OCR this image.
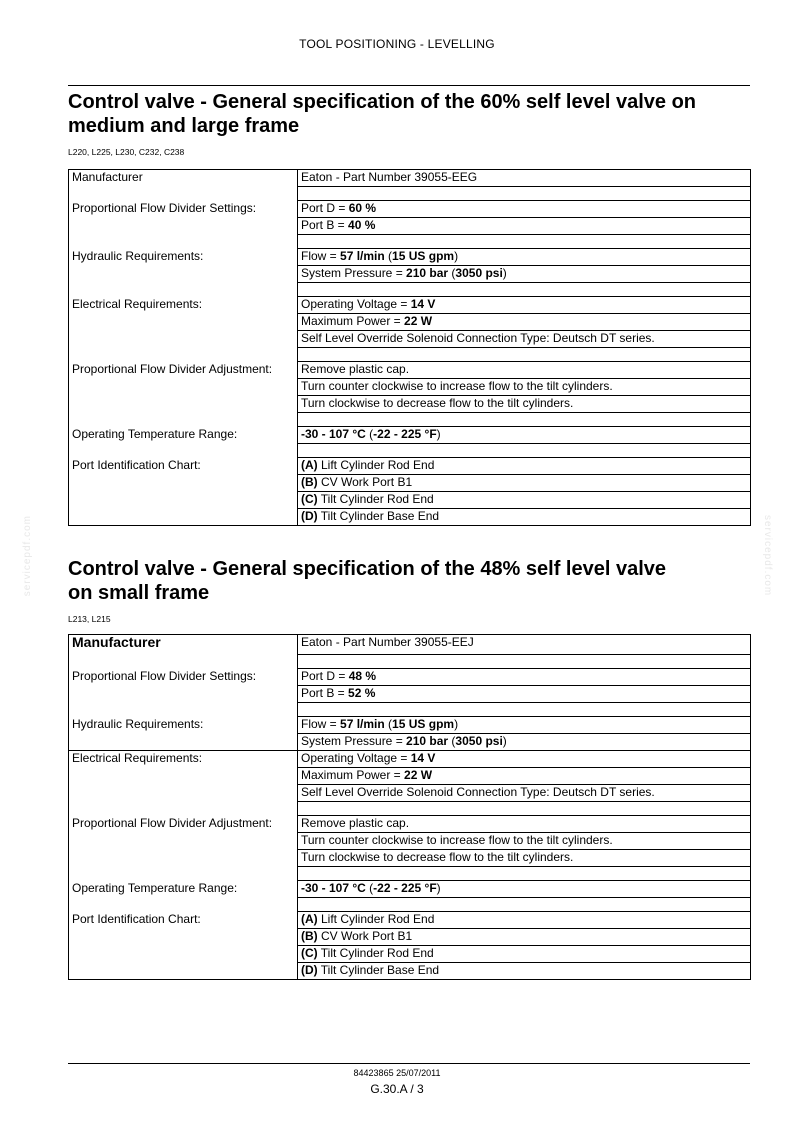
TOOL POSITIONING - LEVELLING
servicepdf.com	servicepdf.com
Control valve - General specification of the 60% self level valve on
medium and large frame
L220, L225, L230, C232, C238
Manufacturer	Eaton - Part Number 39055-EEG

Proportional Flow Divider Settings:	Port D = 60 %
	Port B = 40 %

Hydraulic Requirements:	Flow = 57 l/min (15 US gpm)
	System Pressure = 210 bar (3050 psi)

Electrical Requirements:	Operating Voltage = 14 V
	Maximum Power = 22 W
	Self Level Override Solenoid Connection Type: Deutsch DT series.

Proportional Flow Divider Adjustment:	Remove plastic cap.
	Turn counter clockwise to increase flow to the tilt cylinders.
	Turn clockwise to decrease flow to the tilt cylinders.

Operating Temperature Range:	-30 - 107 °C (-22 - 225 °F)

Port Identification Chart:	(A) Lift Cylinder Rod End
	(B) CV Work Port B1
	(C) Tilt Cylinder Rod End
	(D) Tilt Cylinder Base End
Control valve - General specification of the 48% self level valve
on small frame
L213, L215
Manufacturer	Eaton - Part Number 39055-EEJ

Proportional Flow Divider Settings:	Port D = 48 %
	Port B = 52 %

Hydraulic Requirements:	Flow = 57 l/min (15 US gpm)
	System Pressure = 210 bar (3050 psi)
Electrical Requirements:	Operating Voltage = 14 V
	Maximum Power = 22 W
	Self Level Override Solenoid Connection Type: Deutsch DT series.

Proportional Flow Divider Adjustment:	Remove plastic cap.
	Turn counter clockwise to increase flow to the tilt cylinders.
	Turn clockwise to decrease flow to the tilt cylinders.

Operating Temperature Range:	-30 - 107 °C (-22 - 225 °F)

Port Identification Chart:	(A) Lift Cylinder Rod End
	(B) CV Work Port B1
	(C) Tilt Cylinder Rod End
	(D) Tilt Cylinder Base End
84423865 25/07/2011
G.30.A / 3
